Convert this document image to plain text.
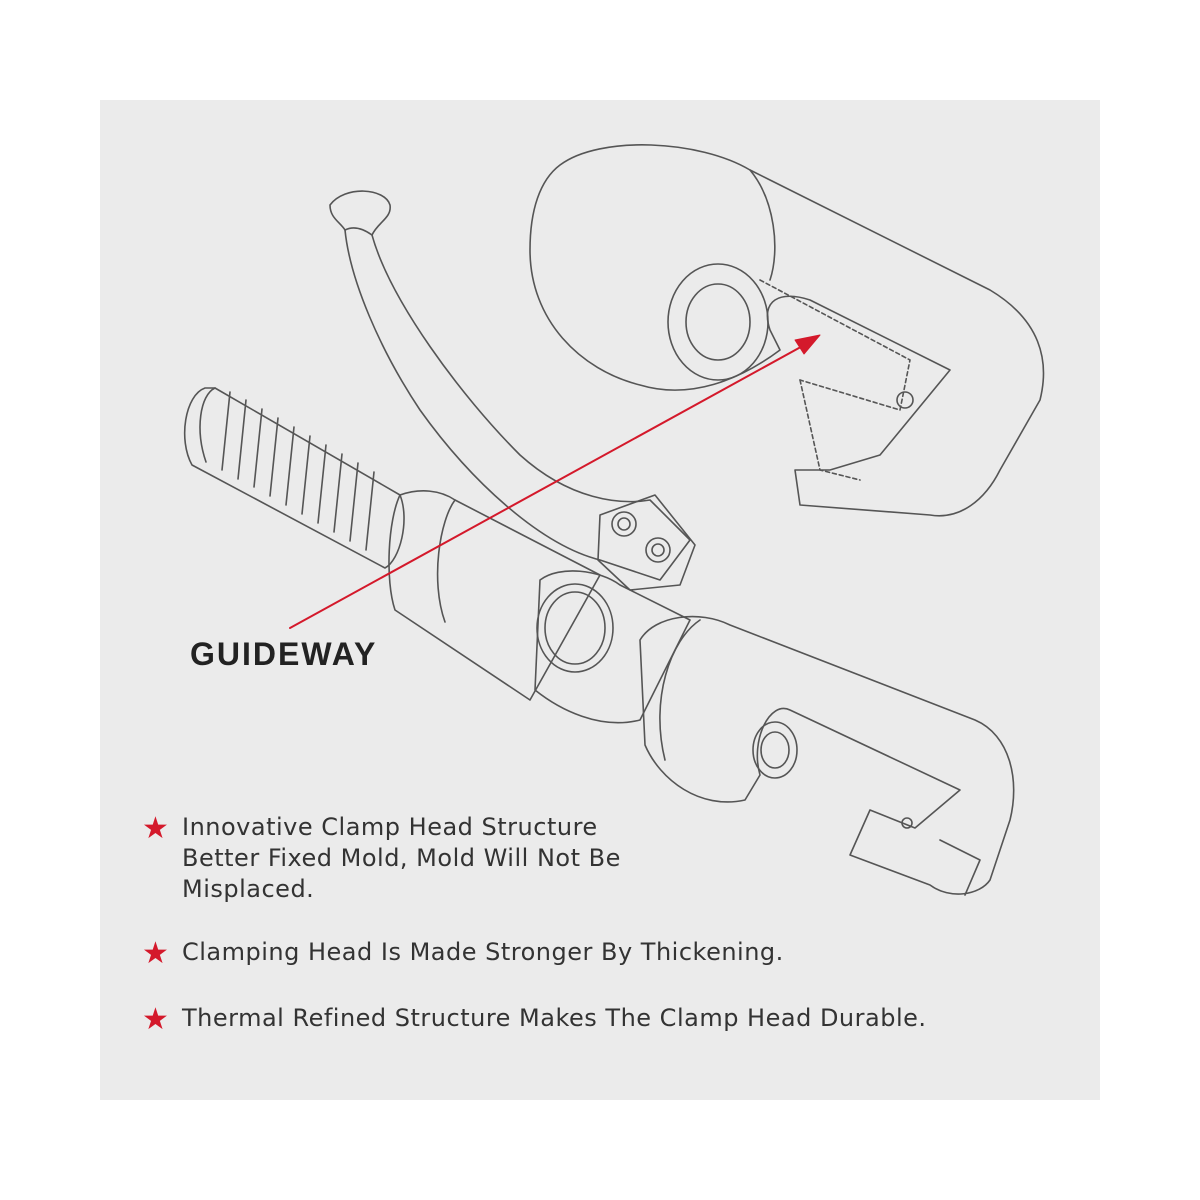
GUIDEWAY
★ Innovative Clamp Head Structure
Better Fixed Mold, Mold Will Not Be
Misplaced.
★ Clamping Head Is Made Stronger By Thickening.
★ Thermal Refined Structure Makes The Clamp Head Durable.
